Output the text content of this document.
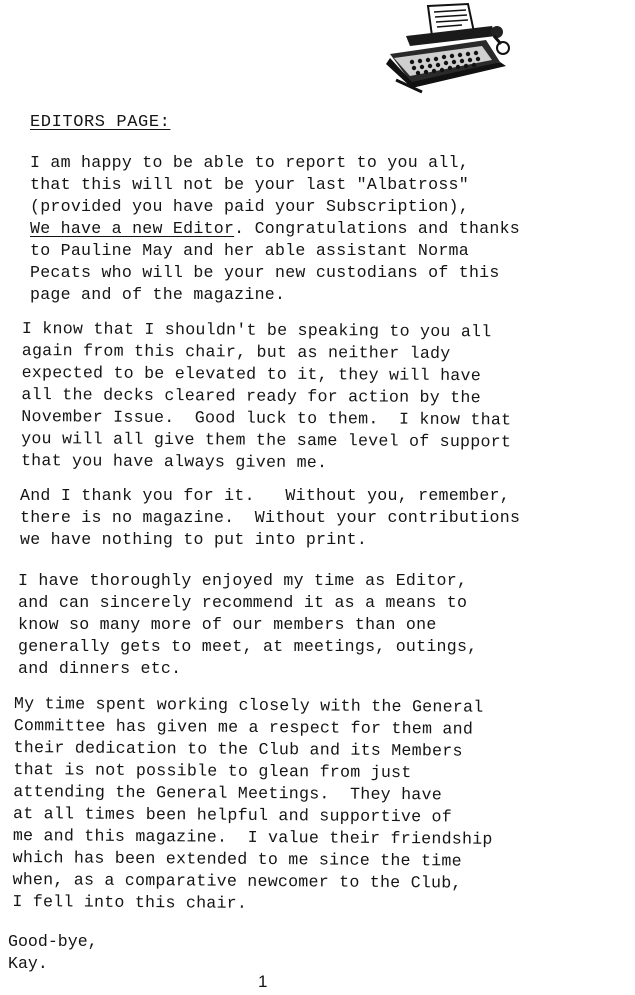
EDITORS PAGE:

I am happy to be able to report to you all,
that this will not be your last "Albatross"
(provided you have paid your Subscription),
We have a new Editor. Congratulations and thanks
to Pauline May and her able assistant Norma
Pecats who will be your new custodians of this
page and of the magazine.

I know that I shouldn't be speaking to you all
again from this chair, but as neither lady
expected to be elevated to it, they will have
all the decks cleared ready for action by the
November Issue.  Good luck to them.  I know that
you will all give them the same level of support
that you have always given me.

And I thank you for it.   Without you, remember,
there is no magazine.  Without your contributions
we have nothing to put into print.

I have thoroughly enjoyed my time as Editor,
and can sincerely recommend it as a means to
know so many more of our members than one
generally gets to meet, at meetings, outings,
and dinners etc.

My time spent working closely with the General
Committee has given me a respect for them and
their dedication to the Club and its Members
that is not possible to glean from just
attending the General Meetings.  They have
at all times been helpful and supportive of
me and this magazine.  I value their friendship
which has been extended to me since the time
when, as a comparative newcomer to the Club,
I fell into this chair.

Good-bye,
Kay.
1
